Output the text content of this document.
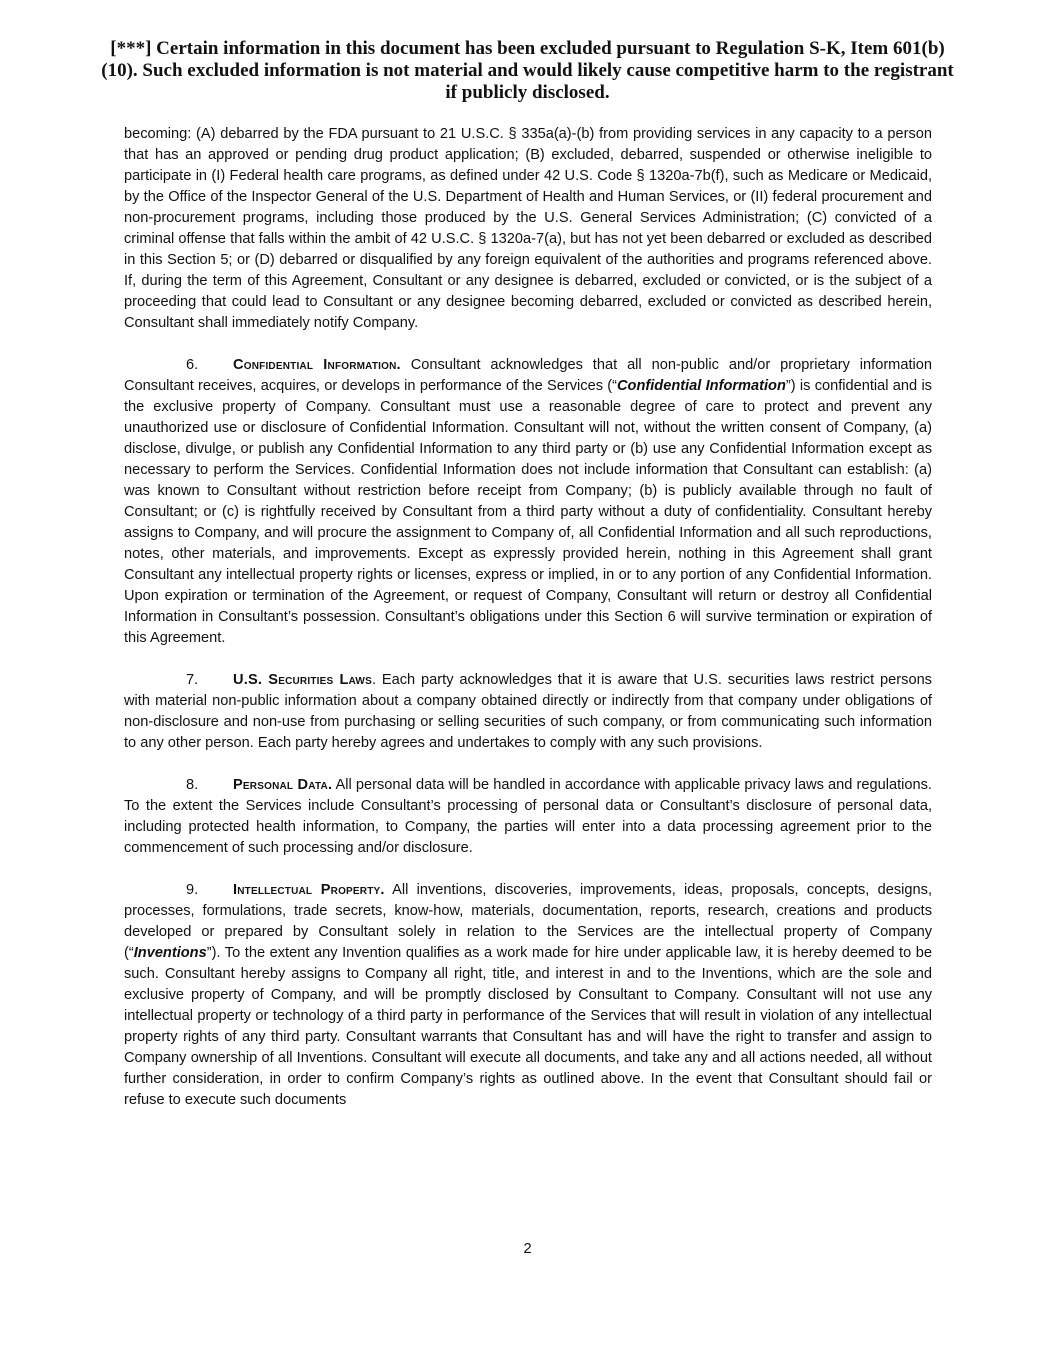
[***] Certain information in this document has been excluded pursuant to Regulation S-K, Item 601(b)(10). Such excluded information is not material and would likely cause competitive harm to the registrant if publicly disclosed.

becoming: (A) debarred by the FDA pursuant to 21 U.S.C. § 335a(a)-(b) from providing services in any capacity to a person that has an approved or pending drug product application; (B) excluded, debarred, suspended or otherwise ineligible to participate in (I) Federal health care programs, as defined under 42 U.S. Code § 1320a-7b(f), such as Medicare or Medicaid, by the Office of the Inspector General of the U.S. Department of Health and Human Services, or (II) federal procurement and non-procurement programs, including those produced by the U.S. General Services Administration; (C) convicted of a criminal offense that falls within the ambit of 42 U.S.C. § 1320a-7(a), but has not yet been debarred or excluded as described in this Section 5; or (D) debarred or disqualified by any foreign equivalent of the authorities and programs referenced above. If, during the term of this Agreement, Consultant or any designee is debarred, excluded or convicted, or is the subject of a proceeding that could lead to Consultant or any designee becoming debarred, excluded or convicted as described herein, Consultant shall immediately notify Company.

6. Confidential Information. Consultant acknowledges that all non-public and/or proprietary information Consultant receives, acquires, or develops in performance of the Services (“Confidential Information”) is confidential and is the exclusive property of Company. Consultant must use a reasonable degree of care to protect and prevent any unauthorized use or disclosure of Confidential Information. Consultant will not, without the written consent of Company, (a) disclose, divulge, or publish any Confidential Information to any third party or (b) use any Confidential Information except as necessary to perform the Services. Confidential Information does not include information that Consultant can establish: (a) was known to Consultant without restriction before receipt from Company; (b) is publicly available through no fault of Consultant; or (c) is rightfully received by Consultant from a third party without a duty of confidentiality. Consultant hereby assigns to Company, and will procure the assignment to Company of, all Confidential Information and all such reproductions, notes, other materials, and improvements. Except as expressly provided herein, nothing in this Agreement shall grant Consultant any intellectual property rights or licenses, express or implied, in or to any portion of any Confidential Information. Upon expiration or termination of the Agreement, or request of Company, Consultant will return or destroy all Confidential Information in Consultant’s possession. Consultant’s obligations under this Section 6 will survive termination or expiration of this Agreement.

7. U.S. Securities Laws. Each party acknowledges that it is aware that U.S. securities laws restrict persons with material non-public information about a company obtained directly or indirectly from that company under obligations of non-disclosure and non-use from purchasing or selling securities of such company, or from communicating such information to any other person. Each party hereby agrees and undertakes to comply with any such provisions.

8. Personal Data. All personal data will be handled in accordance with applicable privacy laws and regulations. To the extent the Services include Consultant’s processing of personal data or Consultant’s disclosure of personal data, including protected health information, to Company, the parties will enter into a data processing agreement prior to the commencement of such processing and/or disclosure.

9. Intellectual Property. All inventions, discoveries, improvements, ideas, proposals, concepts, designs, processes, formulations, trade secrets, know-how, materials, documentation, reports, research, creations and products developed or prepared by Consultant solely in relation to the Services are the intellectual property of Company (“Inventions”). To the extent any Invention qualifies as a work made for hire under applicable law, it is hereby deemed to be such. Consultant hereby assigns to Company all right, title, and interest in and to the Inventions, which are the sole and exclusive property of Company, and will be promptly disclosed by Consultant to Company. Consultant will not use any intellectual property or technology of a third party in performance of the Services that will result in violation of any intellectual property rights of any third party. Consultant warrants that Consultant has and will have the right to transfer and assign to Company ownership of all Inventions. Consultant will execute all documents, and take any and all actions needed, all without further consideration, in order to confirm Company’s rights as outlined above. In the event that Consultant should fail or refuse to execute such documents

2
